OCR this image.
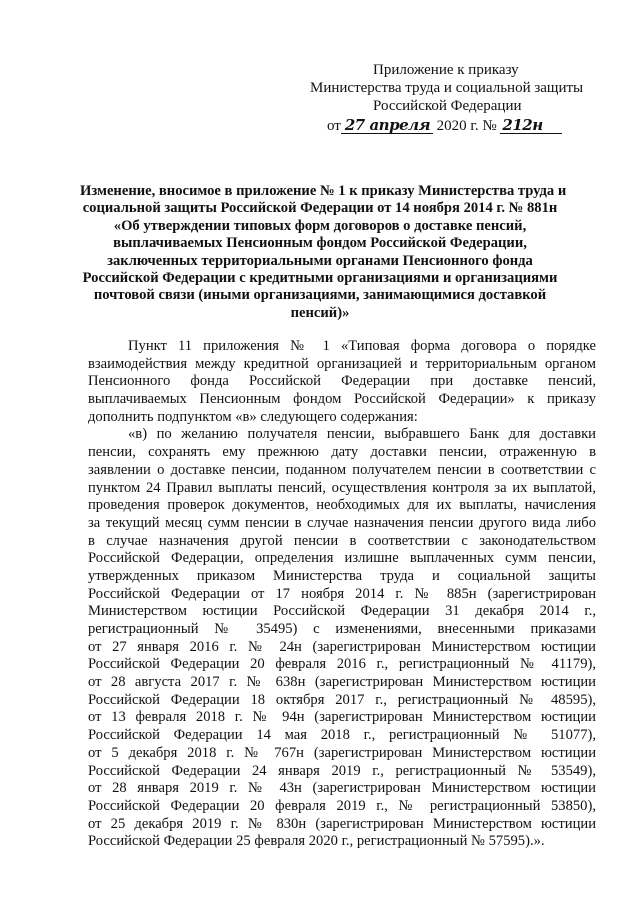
Приложение к приказу
Министерства труда и социальной защиты
Российской Федерации
от 27 апреля 2020 г. № 212н
Изменение, вносимое в приложение № 1 к приказу Министерства труда и
социальной защиты Российской Федерации от 14 ноября 2014 г. № 881н
«Об утверждении типовых форм договоров о доставке пенсий,
выплачиваемых Пенсионным фондом Российской Федерации,
заключенных территориальными органами Пенсионного фонда
Российской Федерации с кредитными организациями и организациями
почтовой связи (иными организациями, занимающимися доставкой
пенсий)»
Пункт 11 приложения № 1 «Типовая форма договора о порядке
взаимодействия между кредитной организацией и территориальным органом
Пенсионного фонда Российской Федерации при доставке пенсий,
выплачиваемых Пенсионным фондом Российской Федерации» к приказу
дополнить подпунктом «в» следующего содержания:
«в) по желанию получателя пенсии, выбравшего Банк для доставки
пенсии, сохранять ему прежнюю дату доставки пенсии, отраженную в
заявлении о доставке пенсии, поданном получателем пенсии в соответствии с
пунктом 24 Правил выплаты пенсий, осуществления контроля за их выплатой,
проведения проверок документов, необходимых для их выплаты, начисления
за текущий месяц сумм пенсии в случае назначения пенсии другого вида либо
в случае назначения другой пенсии в соответствии с законодательством
Российской Федерации, определения излишне выплаченных сумм пенсии,
утвержденных приказом Министерства труда и социальной защиты
Российской Федерации от 17 ноября 2014 г. № 885н (зарегистрирован
Министерством юстиции Российской Федерации 31 декабря 2014 г.,
регистрационный № 35495) с изменениями, внесенными приказами
от 27 января 2016 г. № 24н (зарегистрирован Министерством юстиции
Российской Федерации 20 февраля 2016 г., регистрационный № 41179),
от 28 августа 2017 г. № 638н (зарегистрирован Министерством юстиции
Российской Федерации 18 октября 2017 г., регистрационный № 48595),
от 13 февраля 2018 г. № 94н (зарегистрирован Министерством юстиции
Российской Федерации 14 мая 2018 г., регистрационный № 51077),
от 5 декабря 2018 г. № 767н (зарегистрирован Министерством юстиции
Российской Федерации 24 января 2019 г., регистрационный № 53549),
от 28 января 2019 г. № 43н (зарегистрирован Министерством юстиции
Российской Федерации 20 февраля 2019 г., № регистрационный 53850),
от 25 декабря 2019 г. № 830н (зарегистрирован Министерством юстиции
Российской Федерации 25 февраля 2020 г., регистрационный № 57595).».
